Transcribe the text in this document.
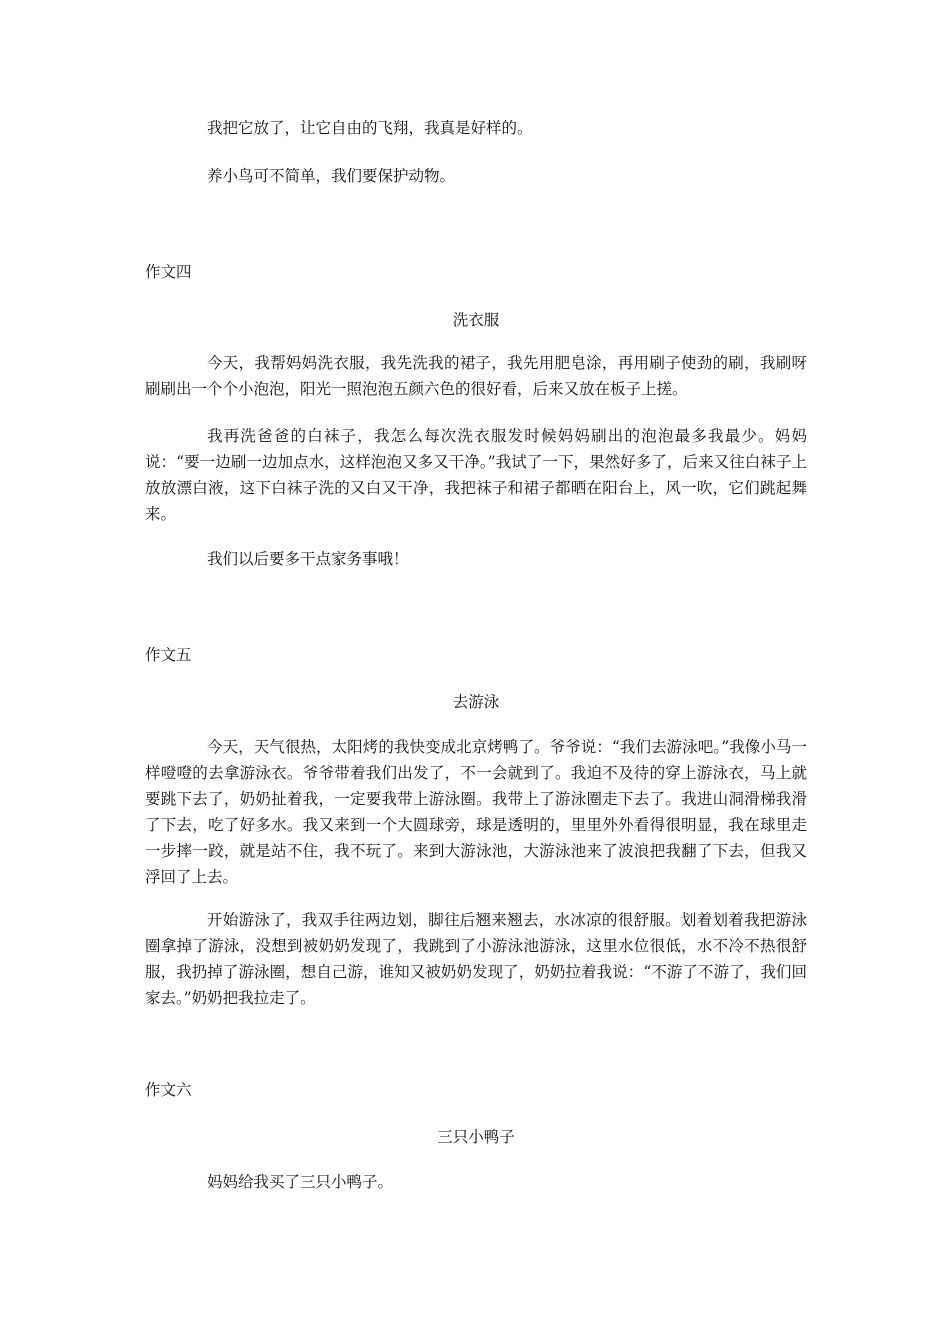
我把它放了，让它自由的飞翔，我真是好样的。

养小鸟可不简单，我们要保护动物。

作文四

洗衣服

今天，我帮妈妈洗衣服，我先洗我的裙子，我先用肥皂涂，再用刷子使劲的刷，我刷呀刷刷出一个个小泡泡，阳光一照泡泡五颜六色的很好看，后来又放在板子上搓。

我再洗爸爸的白袜子，我怎么每次洗衣服发时候妈妈刷出的泡泡最多我最少。妈妈说：“要一边刷一边加点水，这样泡泡又多又干净。”我试了一下，果然好多了，后来又往白袜子上放放漂白液，这下白袜子洗的又白又干净，我把袜子和裙子都晒在阳台上，风一吹，它们跳起舞来。

我们以后要多干点家务事哦！

作文五

去游泳

今天，天气很热，太阳烤的我快变成北京烤鸭了。爷爷说：“我们去游泳吧。”我像小马一样噔噔的去拿游泳衣。爷爷带着我们出发了，不一会就到了。我迫不及待的穿上游泳衣，马上就要跳下去了，奶奶扯着我，一定要我带上游泳圈。我带上了游泳圈走下去了。我进山洞滑梯我滑了下去，吃了好多水。我又来到一个大圆球旁，球是透明的，里里外外看得很明显，我在球里走一步摔一跤，就是站不住，我不玩了。来到大游泳池，大游泳池来了波浪把我翻了下去，但我又浮回了上去。

开始游泳了，我双手往两边划，脚往后翘来翘去，水冰凉的很舒服。划着划着我把游泳圈拿掉了游泳，没想到被奶奶发现了，我跳到了小游泳池游泳，这里水位很低，水不冷不热很舒服，我扔掉了游泳圈，想自己游，谁知又被奶奶发现了，奶奶拉着我说：“不游了不游了，我们回家去。”奶奶把我拉走了。

作文六

三只小鸭子

妈妈给我买了三只小鸭子。
